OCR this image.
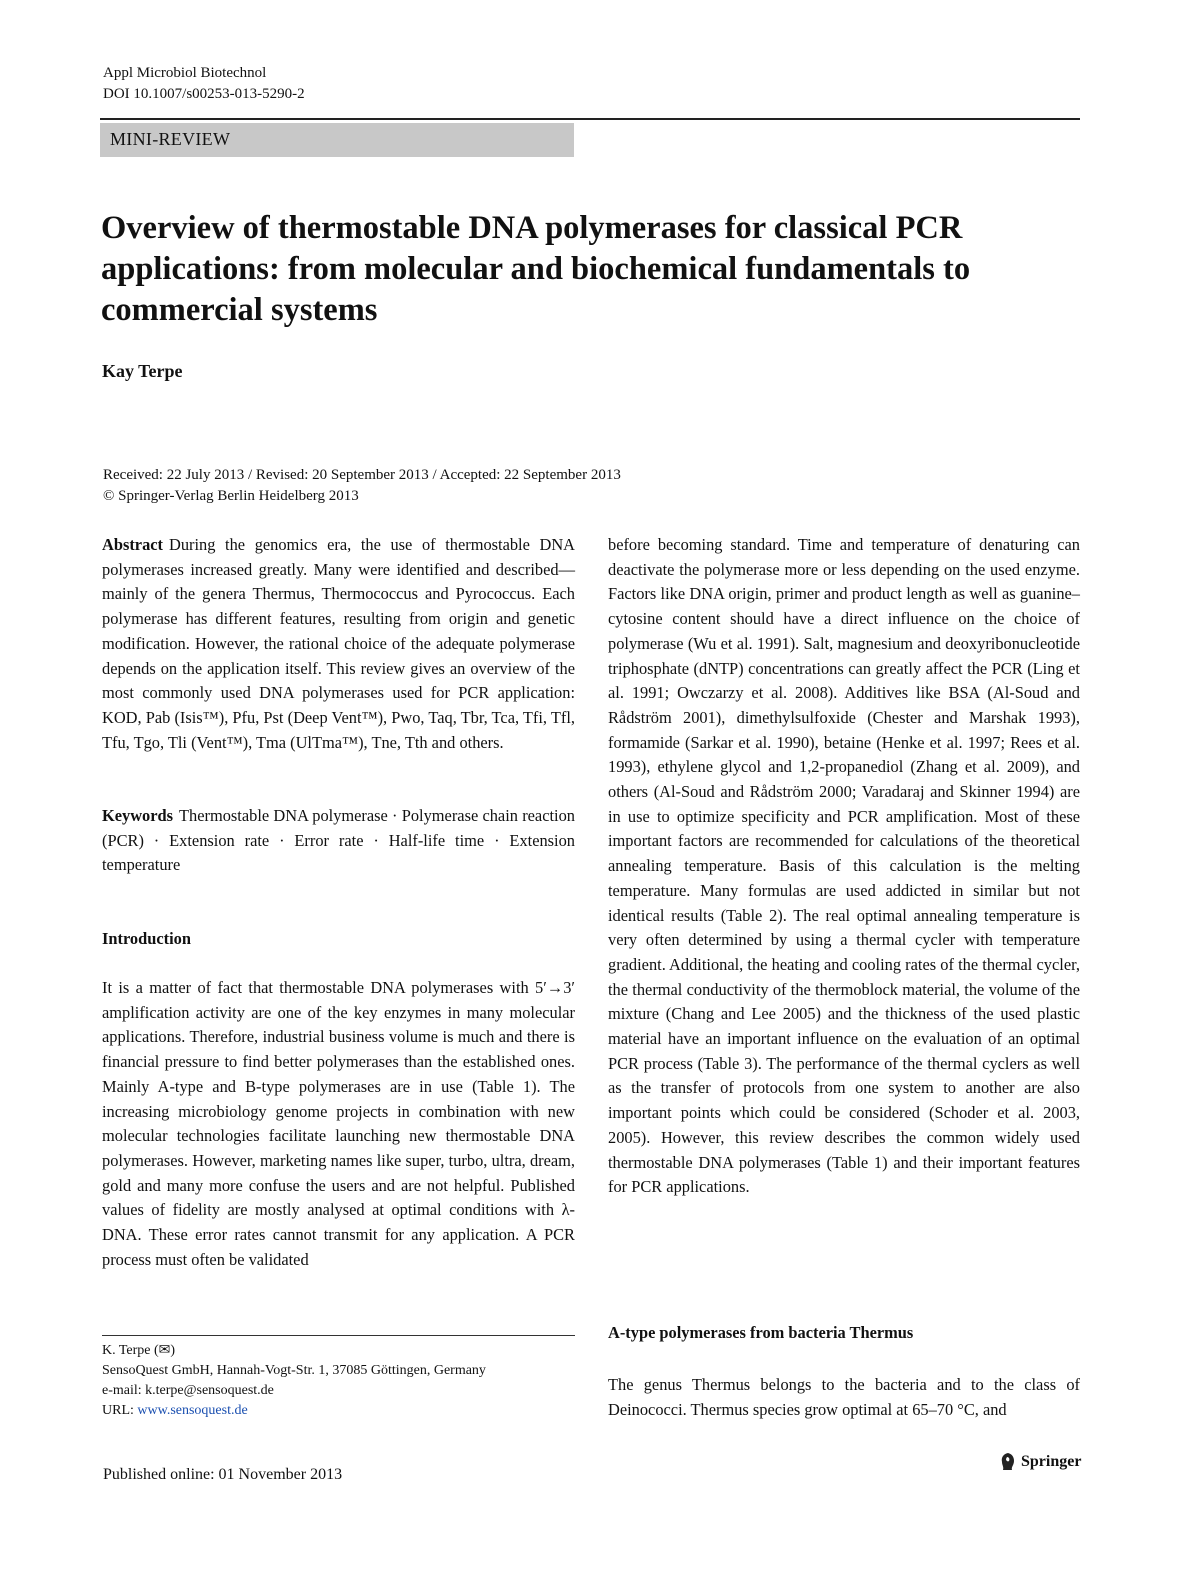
Appl Microbiol Biotechnol
DOI 10.1007/s00253-013-5290-2
MINI-REVIEW
Overview of thermostable DNA polymerases for classical PCR applications: from molecular and biochemical fundamentals to commercial systems
Kay Terpe
Received: 22 July 2013 / Revised: 20 September 2013 / Accepted: 22 September 2013
© Springer-Verlag Berlin Heidelberg 2013

Abstract During the genomics era, the use of thermostable DNA polymerases increased greatly. Many were identified and described—mainly of the genera Thermus, Thermococcus and Pyrococcus. Each polymerase has different features, resulting from origin and genetic modification. However, the rational choice of the adequate polymerase depends on the application itself. This review gives an overview of the most commonly used DNA polymerases used for PCR application: KOD, Pab (Isis™), Pfu, Pst (Deep Vent™), Pwo, Taq, Tbr, Tca, Tfi, Tfl, Tfu, Tgo, Tli (Vent™), Tma (UlTma™), Tne, Tth and others.

Keywords Thermostable DNA polymerase · Polymerase chain reaction (PCR) · Extension rate · Error rate · Half-life time · Extension temperature

Introduction

It is a matter of fact that thermostable DNA polymerases with 5′→3′ amplification activity are one of the key enzymes in many molecular applications. Therefore, industrial business volume is much and there is financial pressure to find better polymerases than the established ones. Mainly A-type and B-type polymerases are in use (Table 1). The increasing microbiology genome projects in combination with new molecular technologies facilitate launching new thermostable DNA polymerases. However, marketing names like super, turbo, ultra, dream, gold and many more confuse the users and are not helpful. Published values of fidelity are mostly analysed at optimal conditions with λ-DNA. These error rates cannot transmit for any application. A PCR process must often be validated

before becoming standard. Time and temperature of denaturing can deactivate the polymerase more or less depending on the used enzyme. Factors like DNA origin, primer and product length as well as guanine–cytosine content should have a direct influence on the choice of polymerase (Wu et al. 1991). Salt, magnesium and deoxyribonucleotide triphosphate (dNTP) concentrations can greatly affect the PCR (Ling et al. 1991; Owczarzy et al. 2008). Additives like BSA (Al-Soud and Rådström 2001), dimethylsulfoxide (Chester and Marshak 1993), formamide (Sarkar et al. 1990), betaine (Henke et al. 1997; Rees et al. 1993), ethylene glycol and 1,2-propanediol (Zhang et al. 2009), and others (Al-Soud and Rådström 2000; Varadaraj and Skinner 1994) are in use to optimize specificity and PCR amplification. Most of these important factors are recommended for calculations of the theoretical annealing temperature. Basis of this calculation is the melting temperature. Many formulas are used addicted in similar but not identical results (Table 2). The real optimal annealing temperature is very often determined by using a thermal cycler with temperature gradient. Additional, the heating and cooling rates of the thermal cycler, the thermal conductivity of the thermoblock material, the volume of the mixture (Chang and Lee 2005) and the thickness of the used plastic material have an important influence on the evaluation of an optimal PCR process (Table 3). The performance of the thermal cyclers as well as the transfer of protocols from one system to another are also important points which could be considered (Schoder et al. 2003, 2005). However, this review describes the common widely used thermostable DNA polymerases (Table 1) and their important features for PCR applications.

A-type polymerases from bacteria Thermus

The genus Thermus belongs to the bacteria and to the class of Deinococci. Thermus species grow optimal at 65–70 °C, and

K. Terpe (✉)
SensoQuest GmbH, Hannah-Vogt-Str. 1, 37085 Göttingen, Germany
e-mail: k.terpe@sensoquest.de
URL: www.sensoquest.de
Published online: 01 November 2013
Springer
